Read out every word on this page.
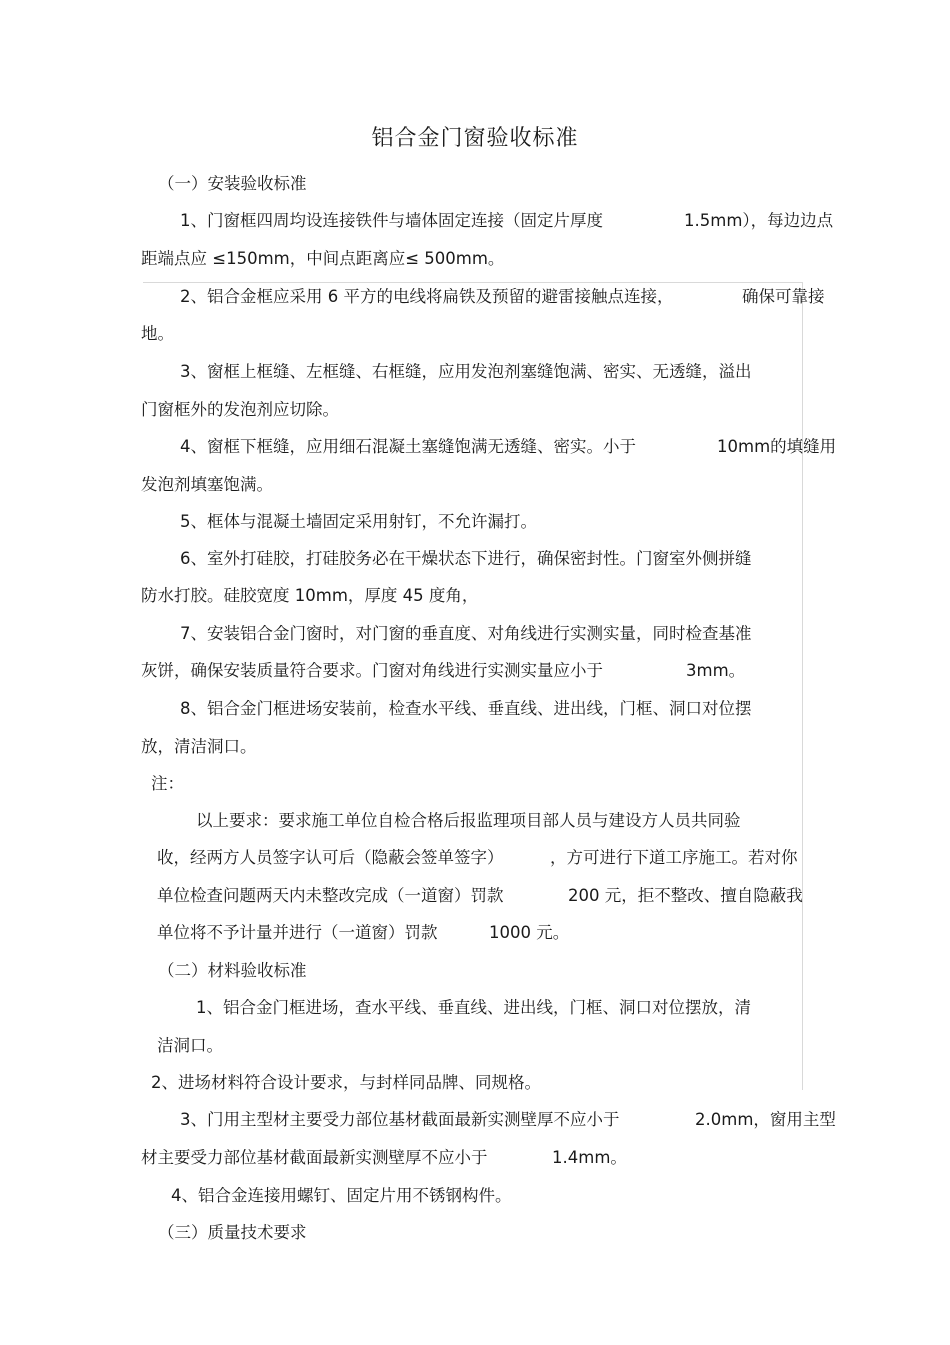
铝合金门窗验收标准
（一）安装验收标准
1、门窗框四周均设连接铁件与墙体固定连接（固定片厚度	1.5mm），每边边点
距端点应 ≤150mm，中间点距离应≤ 500mm。
2、铝合金框应采用 6 平方的电线将扁铁及预留的避雷接触点连接，	确保可靠接
地。
3、窗框上框缝、左框缝、右框缝，应用发泡剂塞缝饱满、密实、无透缝，溢出
门窗框外的发泡剂应切除。
4、窗框下框缝，应用细石混凝土塞缝饱满无透缝、密实。小于	10mm的填缝用
发泡剂填塞饱满。
5、框体与混凝土墙固定采用射钉，不允许漏打。
6、室外打硅胶，打硅胶务必在干燥状态下进行，确保密封性。门窗室外侧拼缝
防水打胶。硅胶宽度 10mm，厚度 45 度角，
7、安装铝合金门窗时，对门窗的垂直度、对角线进行实测实量，同时检查基准
灰饼，确保安装质量符合要求。门窗对角线进行实测实量应小于	3mm。
8、铝合金门框进场安装前，检查水平线、垂直线、进出线，门框、洞口对位摆
放，清洁洞口。
注：
以上要求：要求施工单位自检合格后报监理项目部人员与建设方人员共同验
收，经两方人员签字认可后（隐蔽会签单签字）	，方可进行下道工序施工。若对你
单位检查问题两天内未整改完成（一道窗）罚款	200 元，拒不整改、擅自隐蔽我
单位将不予计量并进行（一道窗）罚款	1000 元。
（二）材料验收标准
1、铝合金门框进场，查水平线、垂直线、进出线，门框、洞口对位摆放，清
洁洞口。
2、进场材料符合设计要求，与封样同品牌、同规格。
3、门用主型材主要受力部位基材截面最新实测壁厚不应小于	2.0mm，窗用主型
材主要受力部位基材截面最新实测壁厚不应小于	1.4mm。
4、铝合金连接用螺钉、固定片用不锈钢构件。
（三）质量技术要求
